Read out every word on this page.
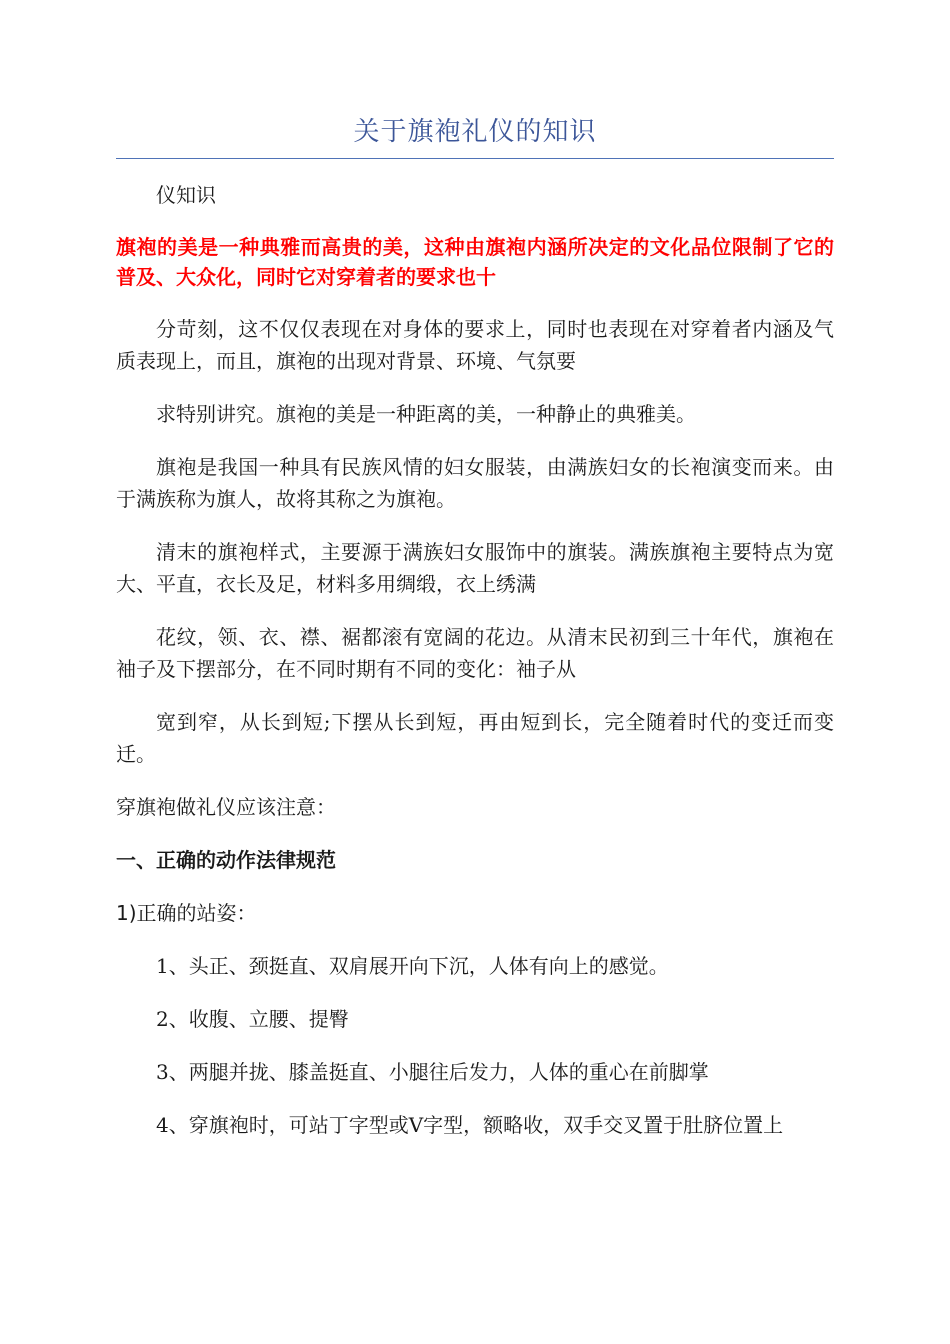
关于旗袍礼仪的知识

仪知识

旗袍的美是一种典雅而高贵的美，这种由旗袍内涵所决定的文化品位限制了它的普及、大众化，同时它对穿着者的要求也十

分苛刻，这不仅仅表现在对身体的要求上，同时也表现在对穿着者内涵及气质表现上，而且，旗袍的出现对背景、环境、气氛要

求特别讲究。旗袍的美是一种距离的美，一种静止的典雅美。

旗袍是我国一种具有民族风情的妇女服装，由满族妇女的长袍演变而来。由于满族称为旗人，故将其称之为旗袍。

清末的旗袍样式，主要源于满族妇女服饰中的旗装。满族旗袍主要特点为宽大、平直，衣长及足，材料多用绸缎，衣上绣满

花纹，领、衣、襟、裾都滚有宽阔的花边。从清末民初到三十年代，旗袍在袖子及下摆部分，在不同时期有不同的变化：袖子从

宽到窄，从长到短;下摆从长到短，再由短到长，完全随着时代的变迁而变迁。

穿旗袍做礼仪应该注意：

一、正确的动作法律规范

1)正确的站姿：

1、头正、颈挺直、双肩展开向下沉，人体有向上的感觉。

2、收腹、立腰、提臀

3、两腿并拢、膝盖挺直、小腿往后发力，人体的重心在前脚掌

4、穿旗袍时，可站丁字型或V字型，额略收，双手交叉置于肚脐位置上
